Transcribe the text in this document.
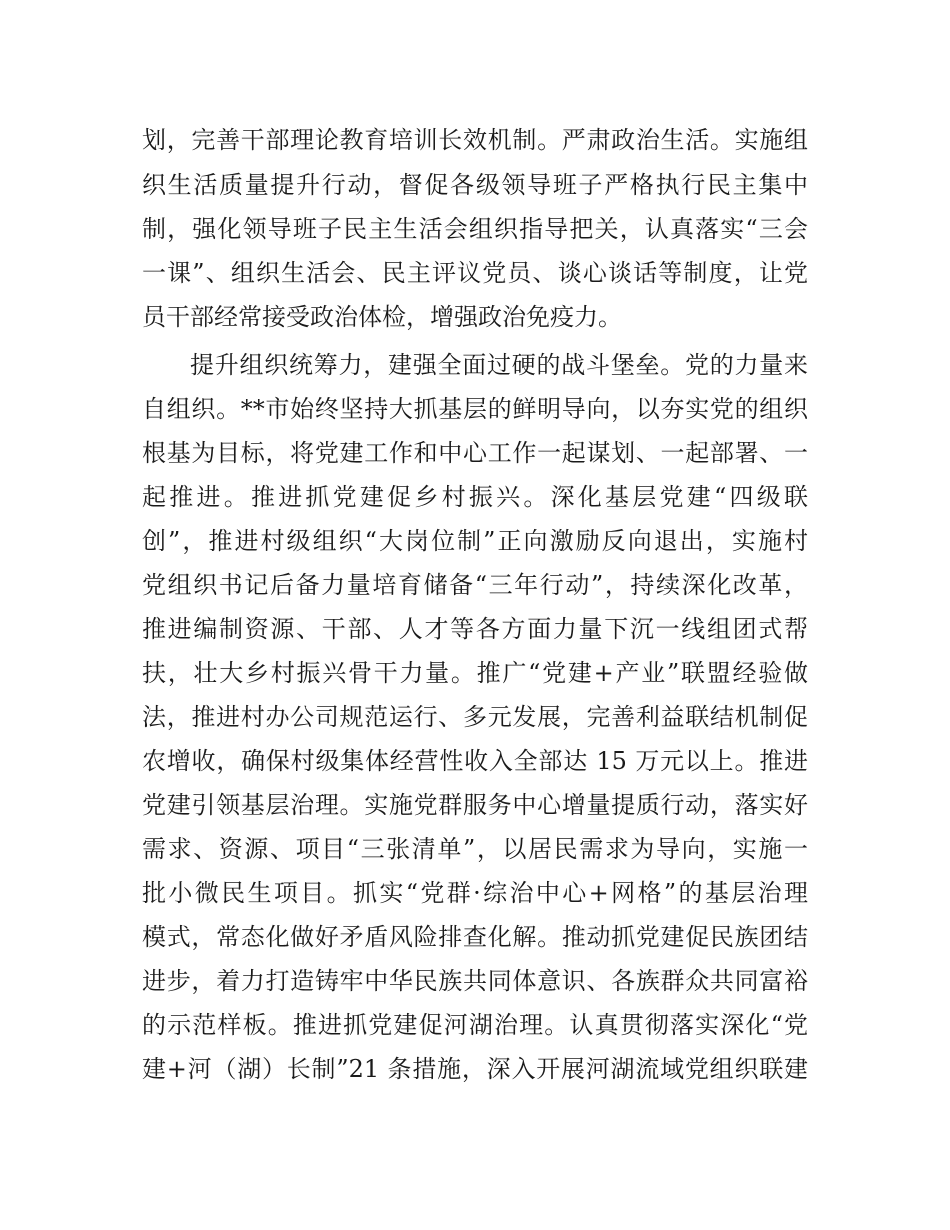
划，完善干部理论教育培训长效机制。严肃政治生活。实施组
织生活质量提升行动，督促各级领导班子严格执行民主集中
制，强化领导班子民主生活会组织指导把关，认真落实“三会
一课”、组织生活会、民主评议党员、谈心谈话等制度，让党
员干部经常接受政治体检，增强政治免疫力。
提升组织统筹力，建强全面过硬的战斗堡垒。党的力量来
自组织。**市始终坚持大抓基层的鲜明导向，以夯实党的组织
根基为目标，将党建工作和中心工作一起谋划、一起部署、一
起推进。推进抓党建促乡村振兴。深化基层党建“四级联
创”，推进村级组织“大岗位制”正向激励反向退出，实施村
党组织书记后备力量培育储备“三年行动”，持续深化改革，
推进编制资源、干部、人才等各方面力量下沉一线组团式帮
扶，壮大乡村振兴骨干力量。推广“党建+产业”联盟经验做
法，推进村办公司规范运行、多元发展，完善利益联结机制促
农增收，确保村级集体经营性收入全部达 15 万元以上。推进
党建引领基层治理。实施党群服务中心增量提质行动，落实好
需求、资源、项目“三张清单”，以居民需求为导向，实施一
批小微民生项目。抓实“党群·综治中心+网格”的基层治理
模式，常态化做好矛盾风险排查化解。推动抓党建促民族团结
进步，着力打造铸牢中华民族共同体意识、各族群众共同富裕
的示范样板。推进抓党建促河湖治理。认真贯彻落实深化“党
建+河（湖）长制”21 条措施，深入开展河湖流域党组织联建
